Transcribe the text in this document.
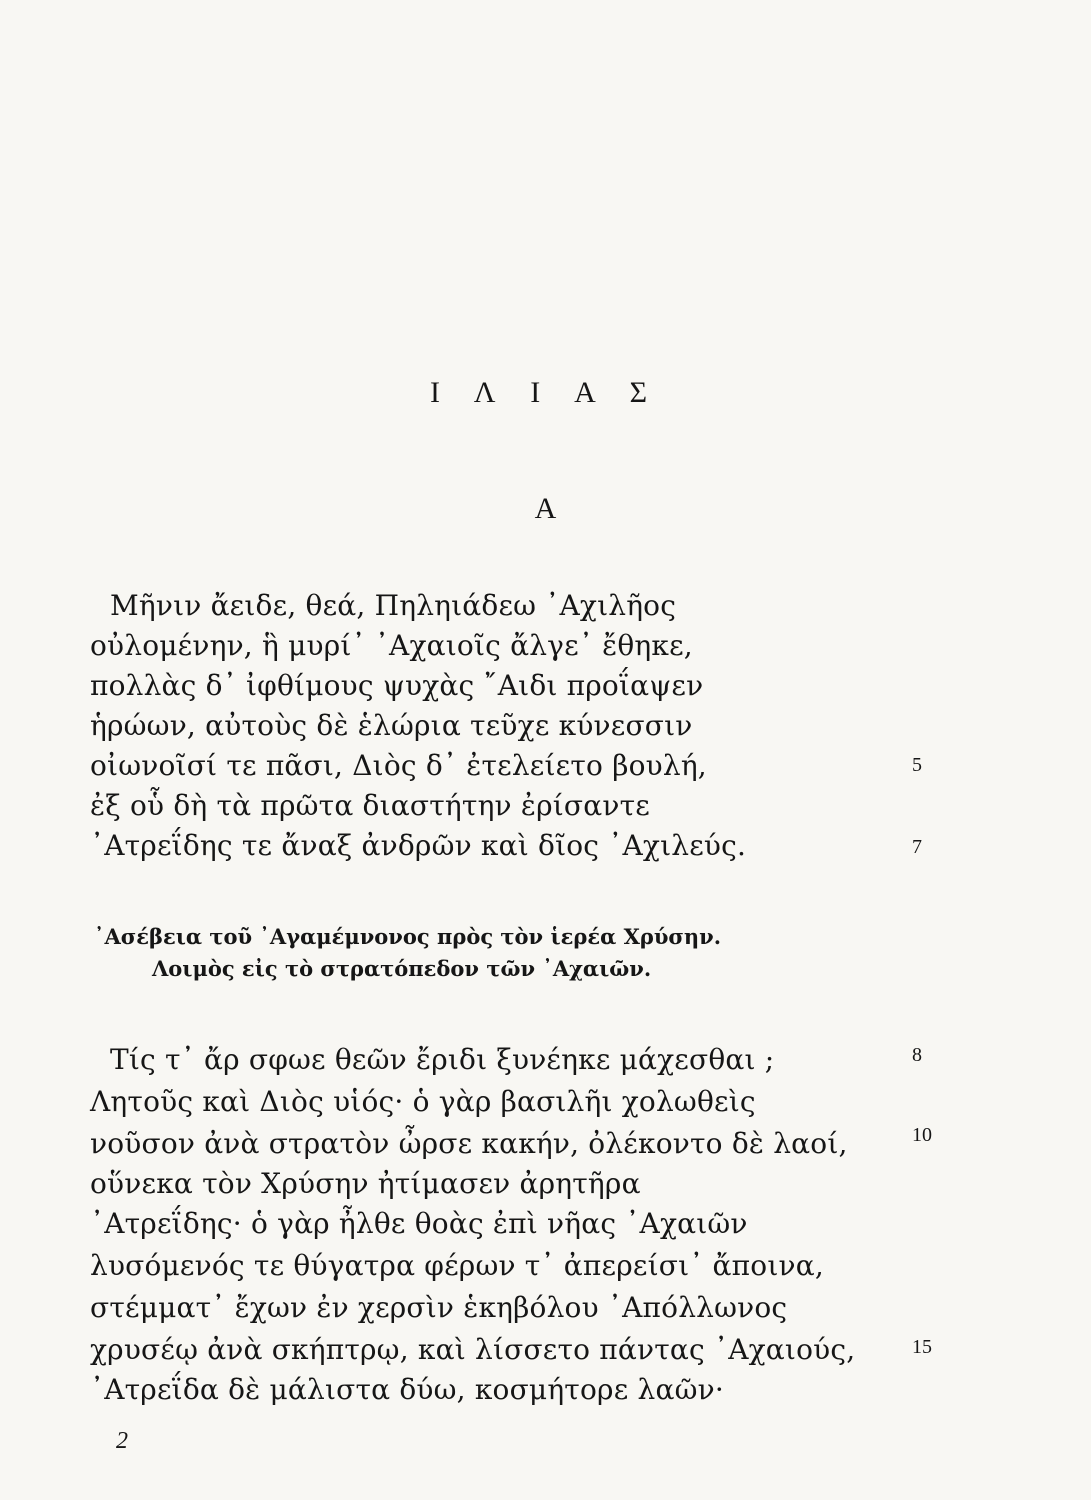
Ι Λ Ι Α Σ
Α
Μῆνιν ἄειδε, θεά, Πηληιάδεω ᾿Αχιλῆος
οὐλομένην, ἣ μυρί᾿ ᾿Αχαιοῖς ἄλγε᾿ ἔθηκε,
πολλὰς δ᾿ ἰφθίμους ψυχὰς ῎Αιδι προΐαψεν
ἡρώων, αὐτοὺς δὲ ἑλώρια τεῦχε κύνεσσιν
οἰωνοῖσί τε πᾶσι, Διὸς δ᾿ ἐτελείετο βουλή,	5
ἐξ οὗ δὴ τὰ πρῶτα διαστήτην ἐρίσαντε
᾿Ατρεΐδης τε ἄναξ ἀνδρῶν καὶ δῖος ᾿Αχιλεύς.	7
᾿Ασέβεια τοῦ ᾿Αγαμέμνονος πρὸς τὸν ἱερέα Χρύσην.
Λοιμὸς εἰς τὸ στρατόπεδον τῶν ᾿Αχαιῶν.
Τίς τ᾿ ἄρ σφωε θεῶν ἔριδι ξυνέηκε μάχεσθαι ;	8
Λητοῦς καὶ Διὸς υἱός· ὁ γὰρ βασιλῆι χολωθεὶς
νοῦσον ἀνὰ στρατὸν ὦρσε κακήν, ὀλέκοντο δὲ λαοί,	10
οὕνεκα τὸν Χρύσην ἠτίμασεν ἀρητῆρα
᾿Ατρεΐδης· ὁ γὰρ ἦλθε θοὰς ἐπὶ νῆας ᾿Αχαιῶν
λυσόμενός τε θύγατρα φέρων τ᾿ ἀπερείσι᾿ ἄποινα,
στέμματ᾿ ἔχων ἐν χερσὶν ἑκηβόλου ᾿Απόλλωνος
χρυσέῳ ἀνὰ σκήπτρῳ, καὶ λίσσετο πάντας ᾿Αχαιούς,	15
᾿Ατρεΐδα δὲ μάλιστα δύω, κοσμήτορε λαῶν·
2
